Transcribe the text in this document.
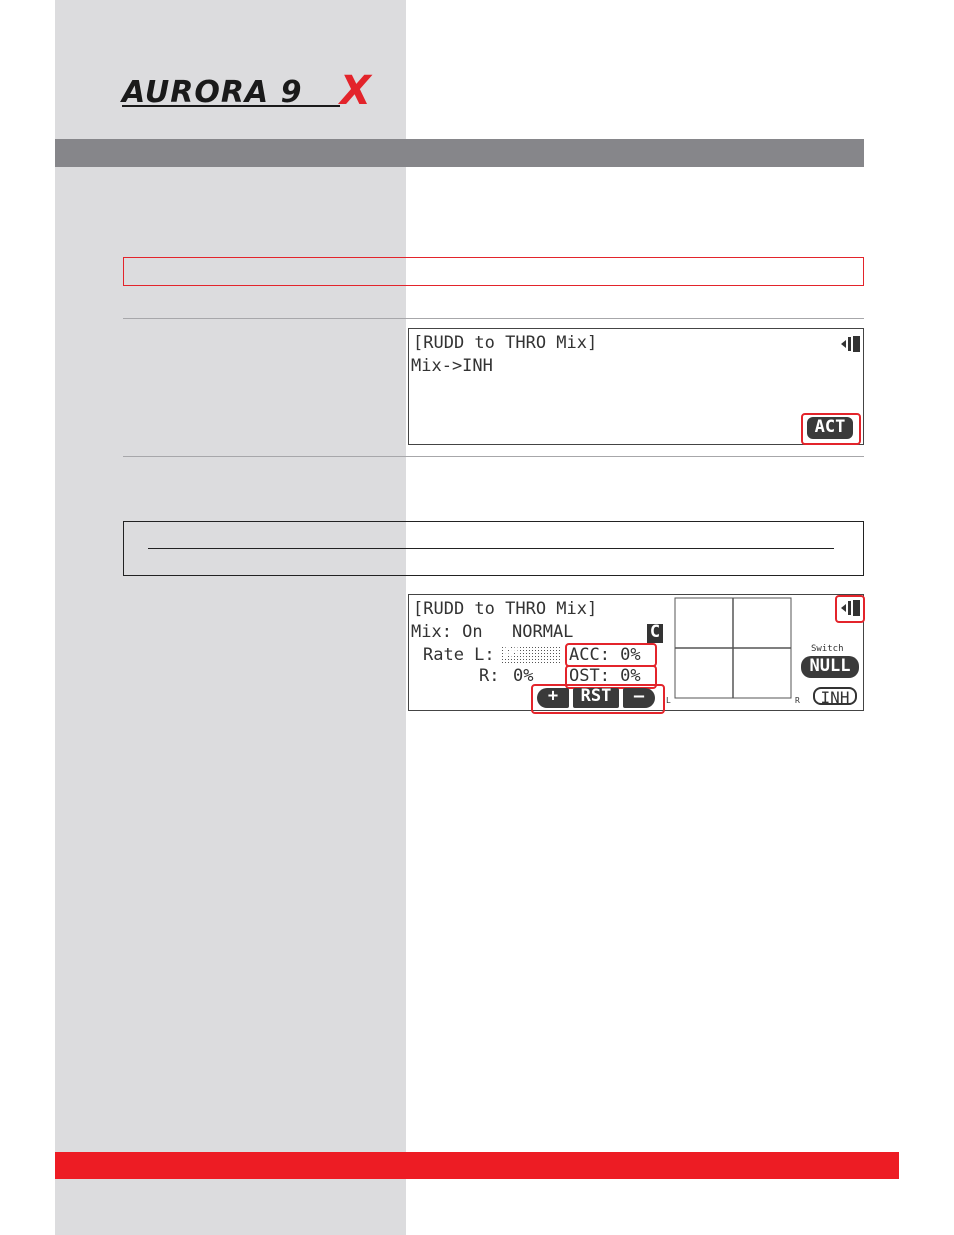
AURORA 9 X
[RUDD to THRO Mix]
Mix->INH
ACT
[RUDD to THRO Mix]
Mix: On NORMAL	C
Rate L: 0%
R: 0%
ACC: 0%
OST: 0%
+	RST	–	L	R
Switch
NULL
INH
